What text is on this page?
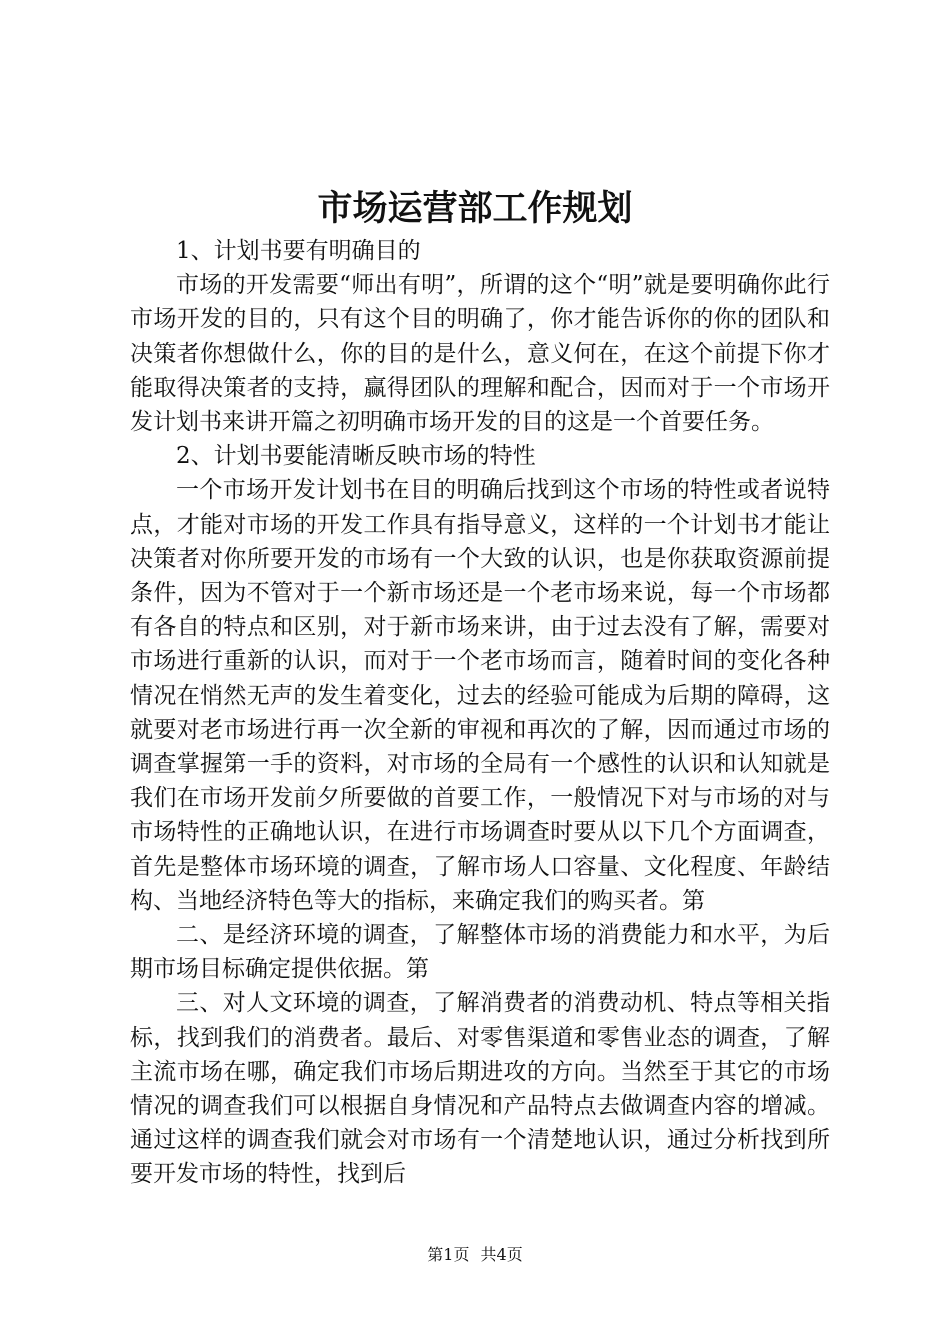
市场运营部工作规划

1、计划书要有明确目的

市场的开发需要“师出有明”，所谓的这个“明”就是要明确你此行市场开发的目的，只有这个目的明确了，你才能告诉你的你的团队和决策者你想做什么，你的目的是什么，意义何在，在这个前提下你才能取得决策者的支持，赢得团队的理解和配合，因而对于一个市场开发计划书来讲开篇之初明确市场开发的目的这是一个首要任务。

2、计划书要能清晰反映市场的特性

一个市场开发计划书在目的明确后找到这个市场的特性或者说特点，才能对市场的开发工作具有指导意义，这样的一个计划书才能让决策者对你所要开发的市场有一个大致的认识，也是你获取资源前提条件，因为不管对于一个新市场还是一个老市场来说，每一个市场都有各自的特点和区别，对于新市场来讲，由于过去没有了解，需要对市场进行重新的认识，而对于一个老市场而言，随着时间的变化各种情况在悄然无声的发生着变化，过去的经验可能成为后期的障碍，这就要对老市场进行再一次全新的审视和再次的了解，因而通过市场的调查掌握第一手的资料，对市场的全局有一个感性的认识和认知就是我们在市场开发前夕所要做的首要工作，一般情况下对与市场的对与市场特性的正确地认识，在进行市场调查时要从以下几个方面调查，首先是整体市场环境的调查，了解市场人口容量、文化程度、年龄结构、当地经济特色等大的指标，来确定我们的购买者。第

二、是经济环境的调查，了解整体市场的消费能力和水平，为后期市场目标确定提供依据。第

三、对人文环境的调查，了解消费者的消费动机、特点等相关指标，找到我们的消费者。最后、对零售渠道和零售业态的调查，了解主流市场在哪，确定我们市场后期进攻的方向。当然至于其它的市场情况的调查我们可以根据自身情况和产品特点去做调查内容的增减。通过这样的调查我们就会对市场有一个清楚地认识，通过分析找到所要开发市场的特性，找到后

第1页 共4页
